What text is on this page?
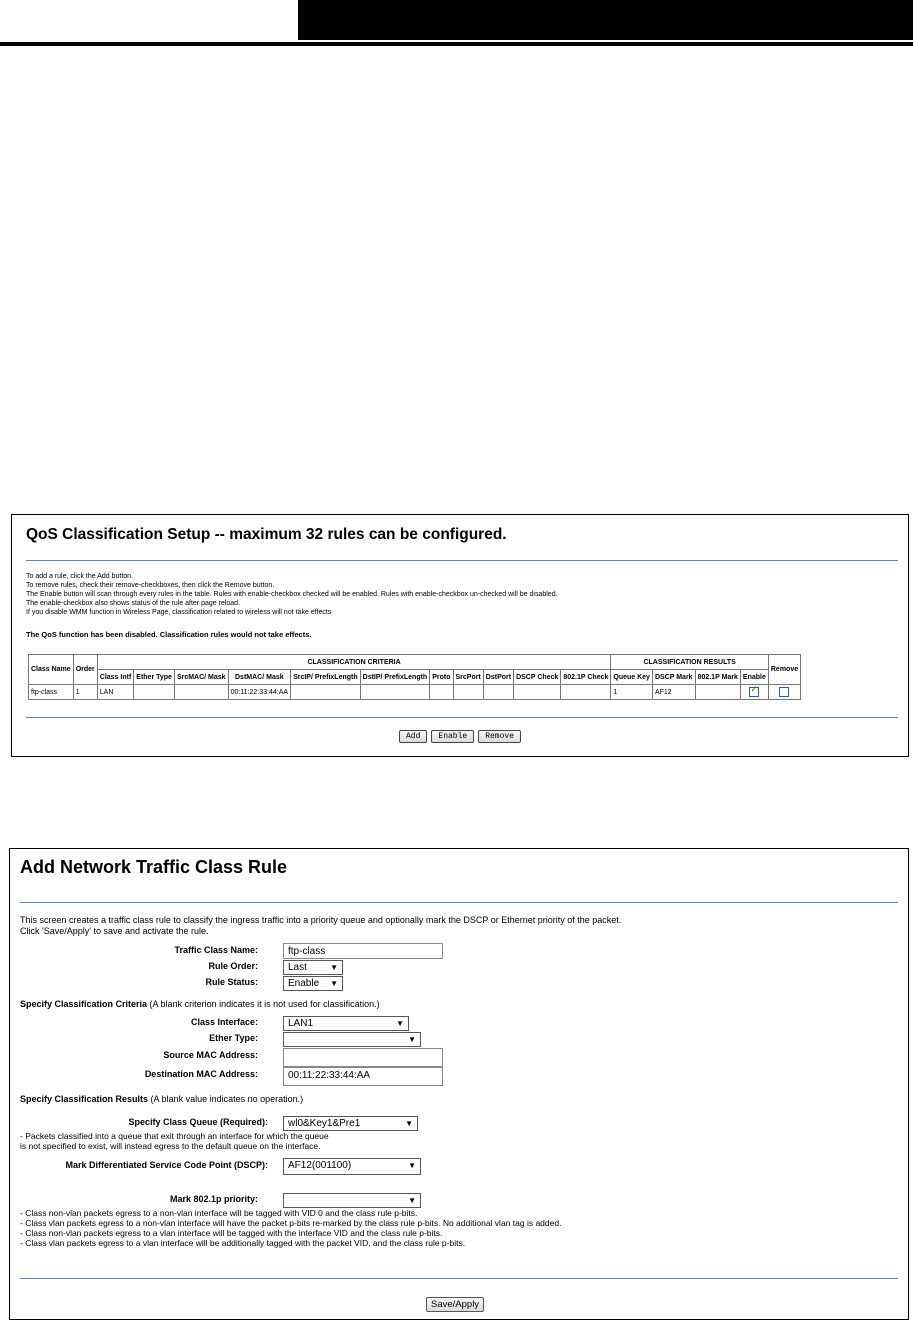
QoS Classification Setup -- maximum 32 rules can be configured.
To add a rule, click the Add button.
To remove rules, check their remove-checkboxes, then click the Remove button.
The Enable button will scan through every rules in the table. Rules with enable-checkbox checked will be enabled. Rules with enable-checkbox un-checked will be disabled.
The enable-checkbox also shows status of the rule after page reload.
If you disable WMM function in Wireless Page, classification related to wireless will not take effects
The QoS function has been disabled. Classification rules would not take effects.
Class Name	Order	CLASSIFICATION CRITERIA											CLASSIFICATION RESULTS				Remove
		Class Intf	Ether Type	SrcMAC/ Mask	DstMAC/ Mask	SrcIP/ PrefixLength	DstIP/ PrefixLength	Proto	SrcPort	DstPort	DSCP Check	802.1P Check	Queue Key	DSCP Mark	802.1P Mark	Enable	
ftp-class	1	LAN			00:11:22:33:44:AA								1	AF12		✓	
Add Enable Remove
Add Network Traffic Class Rule
This screen creates a traffic class rule to classify the ingress traffic into a priority queue and optionally mark the DSCP or Ethernet priority of the packet.
Click 'Save/Apply' to save and activate the rule.
Traffic Class Name:	ftp-class
Rule Order:	Last	▼
Rule Status:	Enable ▼
Specify Classification Criteria (A blank criterion indicates it is not used for classification.)
Class Interface:	LAN1	▼
Ether Type:	▼
Source MAC Address:
Destination MAC Address:	00:11:22:33:44:AA
Specify Classification Results (A blank value indicates no operation.)
Specify Class Queue (Required):	wl0&Key1&Pre1	▼
- Packets classified into a queue that exit through an interface for which the queue
is not specified to exist, will instead egress to the default queue on the interface.
Mark Differentiated Service Code Point (DSCP):	AF12(001100)	▼
Mark 802.1p priority:	▼
- Class non-vlan packets egress to a non-vlan interface will be tagged with VID 0 and the class rule p-bits.
- Class vlan packets egress to a non-vlan interface will have the packet p-bits re-marked by the class rule p-bits. No additional vlan tag is added.
- Class non-vlan packets egress to a vlan interface will be tagged with the interface VID and the class rule p-bits.
- Class vlan packets egress to a vlan interface will be additionally tagged with the packet VID, and the class rule p-bits.
Save/Apply
